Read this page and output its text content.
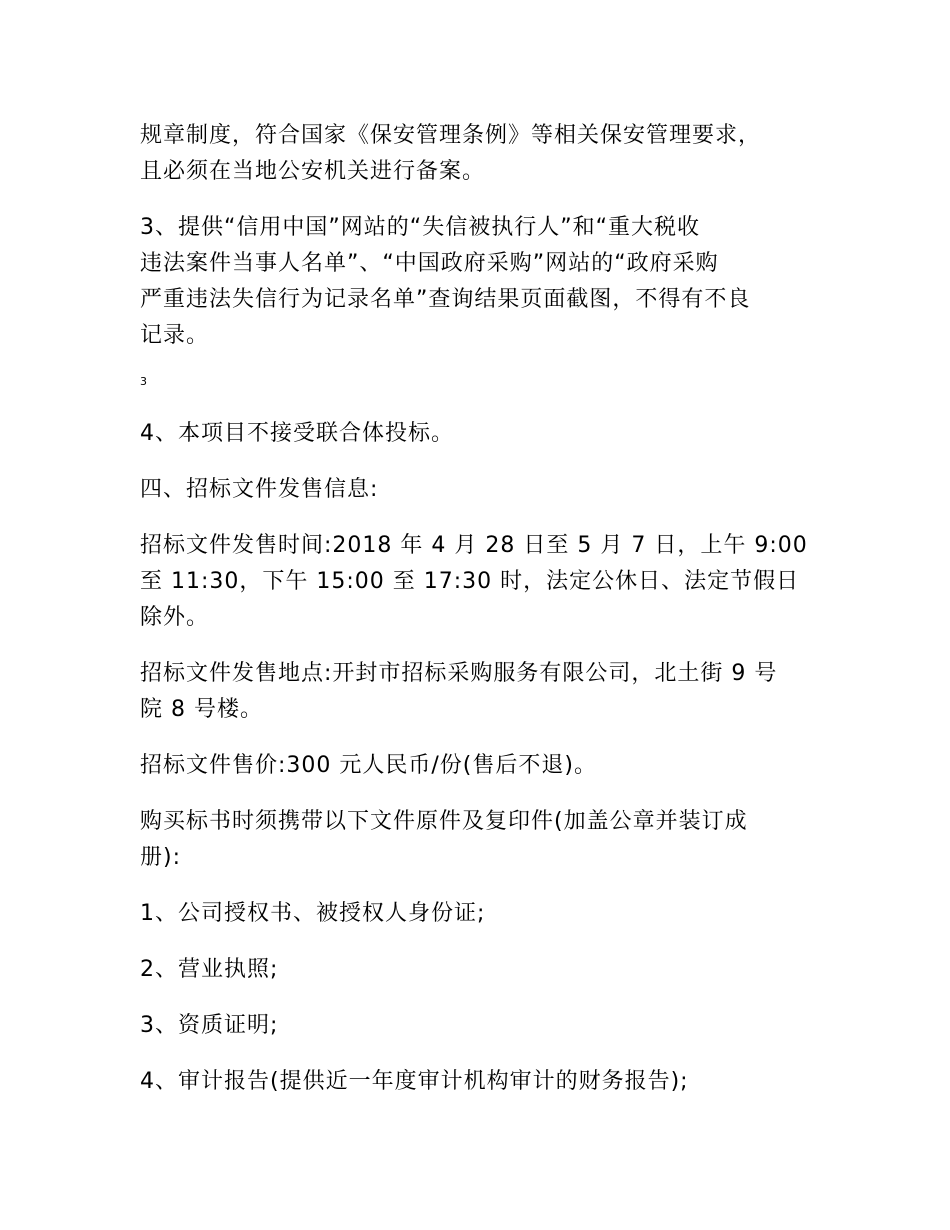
规章制度，符合国家《保安管理条例》等相关保安管理要求，
且必须在当地公安机关进行备案。

3、提供“信用中国”网站的“失信被执行人”和“重大税收
违法案件当事人名单”、“中国政府采购”网站的“政府采购
严重违法失信行为记录名单”查询结果页面截图，不得有不良
记录。

3

4、本项目不接受联合体投标。

四、招标文件发售信息:

招标文件发售时间:2018 年 4 月 28 日至 5 月 7 日，上午 9:00
至 11:30，下午 15:00 至 17:30 时，法定公休日、法定节假日
除外。

招标文件发售地点:开封市招标采购服务有限公司，北土街 9 号
院 8 号楼。

招标文件售价:300 元人民币/份(售后不退)。

购买标书时须携带以下文件原件及复印件(加盖公章并装订成
册):

1、公司授权书、被授权人身份证;

2、营业执照;

3、资质证明;

4、审计报告(提供近一年度审计机构审计的财务报告);
